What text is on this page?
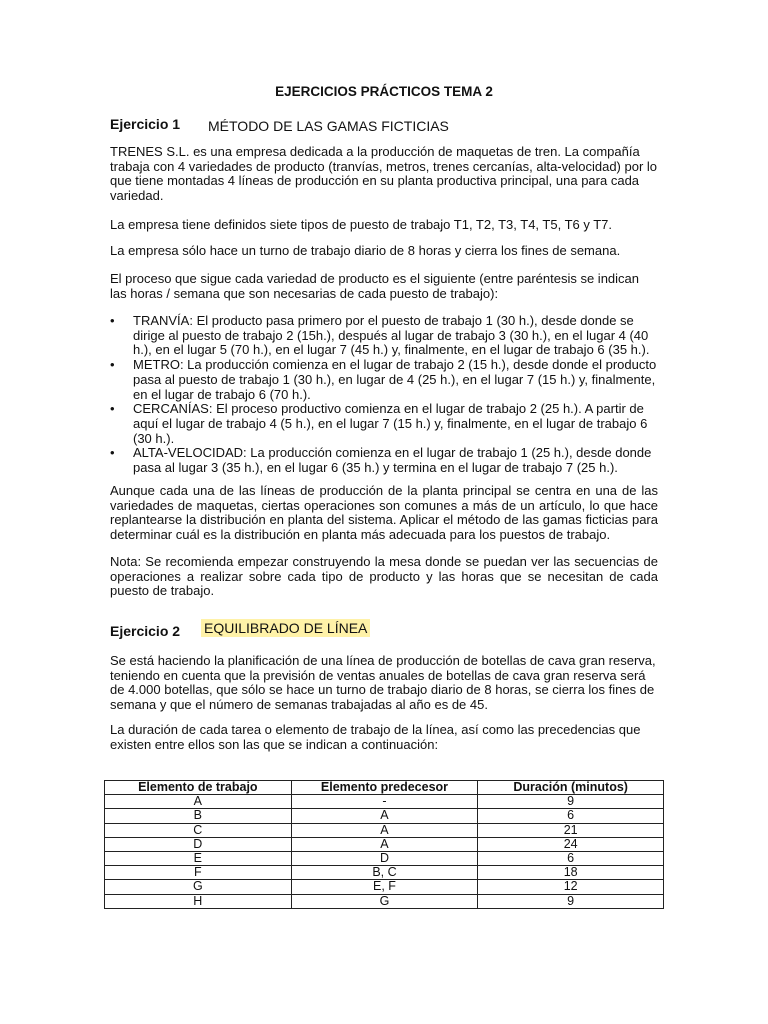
EJERCICIOS PRÁCTICOS TEMA 2
Ejercicio 1 MÉTODO DE LAS GAMAS FICTICIAS

TRENES S.L. es una empresa dedicada a la producción de maquetas de tren. La compañía trabaja con 4 variedades de producto (tranvías, metros, trenes cercanías, alta-velocidad) por lo que tiene montadas 4 líneas de producción en su planta productiva principal, una para cada variedad.

La empresa tiene definidos siete tipos de puesto de trabajo T1, T2, T3, T4, T5, T6 y T7.

La empresa sólo hace un turno de trabajo diario de 8 horas y cierra los fines de semana.

El proceso que sigue cada variedad de producto es el siguiente (entre paréntesis se indican las horas / semana que son necesarias de cada puesto de trabajo):

• TRANVÍA: El producto pasa primero por el puesto de trabajo 1 (30 h.), desde donde se dirige al puesto de trabajo 2 (15h.), después al lugar de trabajo 3 (30 h.), en el lugar 4 (40 h.), en el lugar 5 (70 h.), en el lugar 7 (45 h.) y, finalmente, en el lugar de trabajo 6 (35 h.).
• METRO: La producción comienza en el lugar de trabajo 2 (15 h.), desde donde el producto pasa al puesto de trabajo 1 (30 h.), en lugar de 4 (25 h.), en el lugar 7 (15 h.) y, finalmente, en el lugar de trabajo 6 (70 h.).
• CERCANÍAS: El proceso productivo comienza en el lugar de trabajo 2 (25 h.). A partir de aquí el lugar de trabajo 4 (5 h.), en el lugar 7 (15 h.) y, finalmente, en el lugar de trabajo 6 (30 h.).
• ALTA-VELOCIDAD: La producción comienza en el lugar de trabajo 1 (25 h.), desde donde pasa al lugar 3 (35 h.), en el lugar 6 (35 h.) y termina en el lugar de trabajo 7 (25 h.).

Aunque cada una de las líneas de producción de la planta principal se centra en una de las variedades de maquetas, ciertas operaciones son comunes a más de un artículo, lo que hace replantearse la distribución en planta del sistema. Aplicar el método de las gamas ficticias para determinar cuál es la distribución en planta más adecuada para los puestos de trabajo.

Nota: Se recomienda empezar construyendo la mesa donde se puedan ver las secuencias de operaciones a realizar sobre cada tipo de producto y las horas que se necesitan de cada puesto de trabajo.

Ejercicio 2 EQUILIBRADO DE LÍNEA

Se está haciendo la planificación de una línea de producción de botellas de cava gran reserva, teniendo en cuenta que la previsión de ventas anuales de botellas de cava gran reserva será de 4.000 botellas, que sólo se hace un turno de trabajo diario de 8 horas, se cierra los fines de semana y que el número de semanas trabajadas al año es de 45.

La duración de cada tarea o elemento de trabajo de la línea, así como las precedencias que existen entre ellos son las que se indican a continuación:

Elemento de trabajo	Elemento predecesor	Duración (minutos)
A	-	9
B	A	6
C	A	21
D	A	24
E	D	6
F	B, C	18
G	E, F	12
H	G	9
